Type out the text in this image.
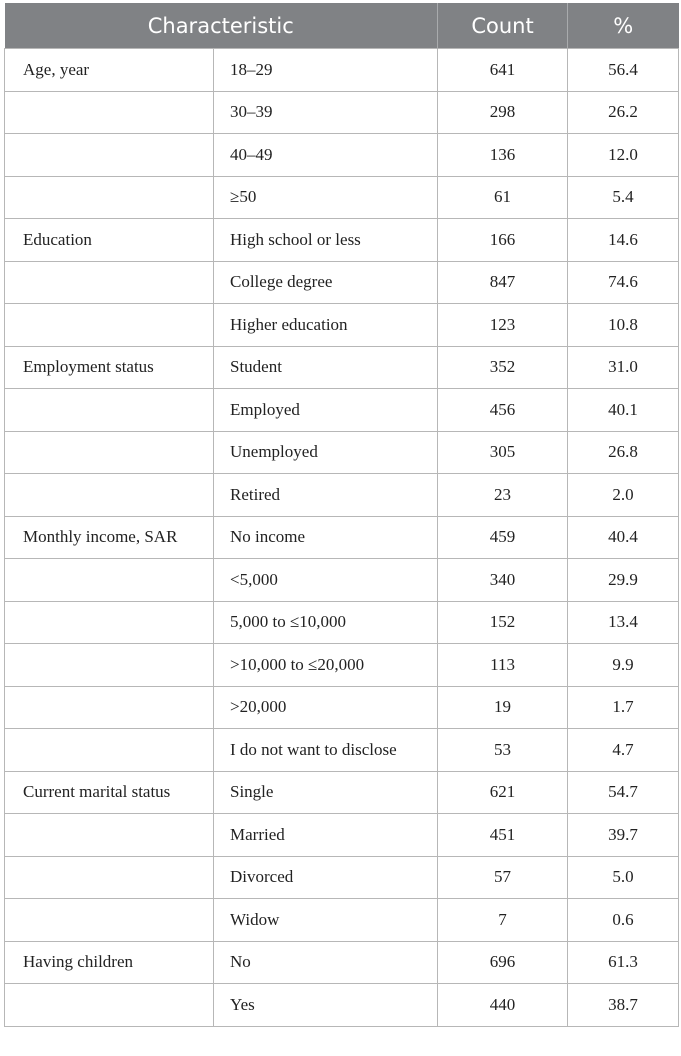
Characteristic		Count	%
Age, year	18–29	641	56.4
	30–39	298	26.2
	40–49	136	12.0
	≥50	61	5.4
Education	High school or less	166	14.6
	College degree	847	74.6
	Higher education	123	10.8
Employment status	Student	352	31.0
	Employed	456	40.1
	Unemployed	305	26.8
	Retired	23	2.0
Monthly income, SAR	No income	459	40.4
	<5,000	340	29.9
	5,000 to ≤10,000	152	13.4
	>10,000 to ≤20,000	113	9.9
	>20,000	19	1.7
	I do not want to disclose	53	4.7
Current marital status	Single	621	54.7
	Married	451	39.7
	Divorced	57	5.0
	Widow	7	0.6
Having children	No	696	61.3
	Yes	440	38.7
